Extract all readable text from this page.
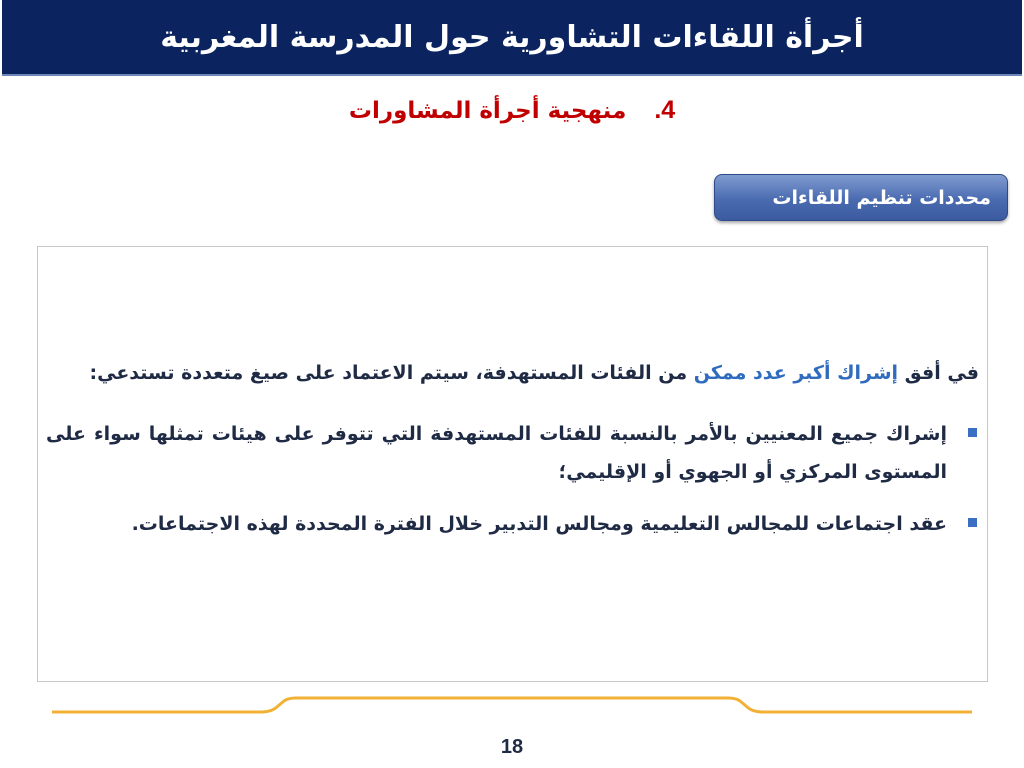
أجرأة اللقاءات التشاورية حول المدرسة المغربية
4.منهجية أجرأة المشاورات
محددات تنظيم اللقاءات

في أفق إشراك أكبر عدد ممكن من الفئات المستهدفة، سيتم الاعتماد على صيغ متعددة تستدعي:

إشراك جميع المعنيين بالأمر بالنسبة للفئات المستهدفة التي تتوفر على هيئات تمثلها سواء على المستوى المركزي أو الجهوي أو الإقليمي؛
عقد اجتماعات للمجالس التعليمية ومجالس التدبير خلال الفترة المحددة لهذه الاجتماعات.
18
